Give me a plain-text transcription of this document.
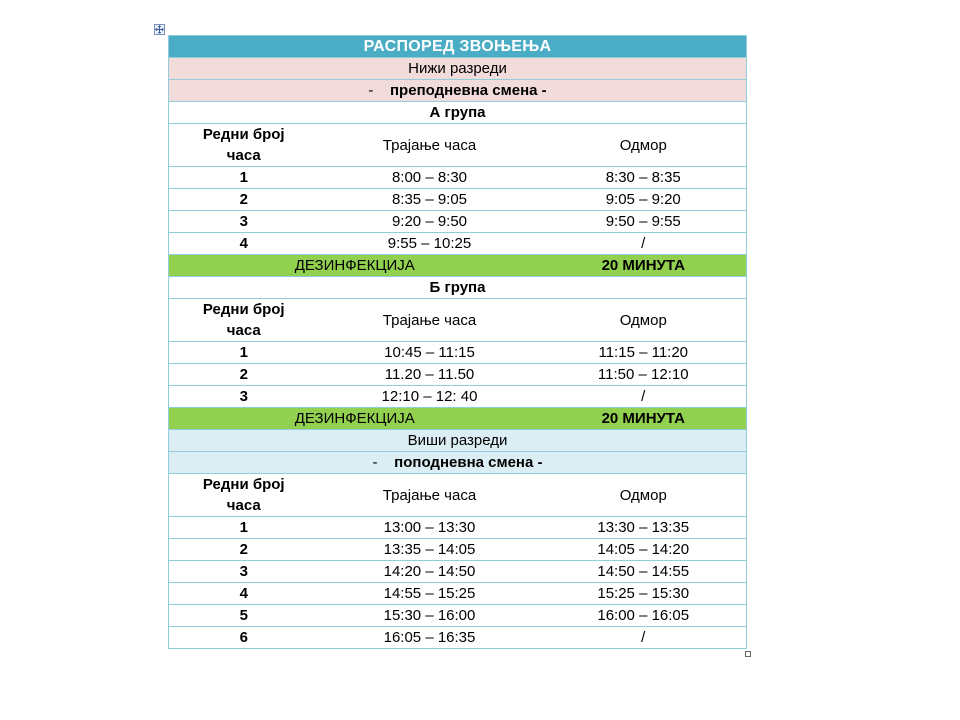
РАСПОРЕД ЗВОЊЕЊА		
Нижи разреди		
- преподневна смена -		
А група		
Редни број
часа	Трајање часа	Одмор
1	8:00 – 8:30	8:30 – 8:35
2	8:35 – 9:05	9:05 – 9:20
3	9:20 – 9:50	9:50 – 9:55
4	9:55 – 10:25	/
ДЕЗИНФЕКЦИЈА		20 МИНУТА
Б група		
Редни број
часа	Трајање часа	Одмор
1	10:45 – 11:15	11:15 – 11:20
2	11.20 – 11.50	11:50 – 12:10
3	12:10 – 12: 40	/
ДЕЗИНФЕКЦИЈА		20 МИНУТА
Виши разреди		
- поподневна смена -		
Редни број
часа	Трајање часа	Одмор
1	13:00 – 13:30	13:30 – 13:35
2	13:35 – 14:05	14:05 – 14:20
3	14:20 – 14:50	14:50 – 14:55
4	14:55 – 15:25	15:25 – 15:30
5	15:30 – 16:00	16:00 – 16:05
6	16:05 – 16:35	/
